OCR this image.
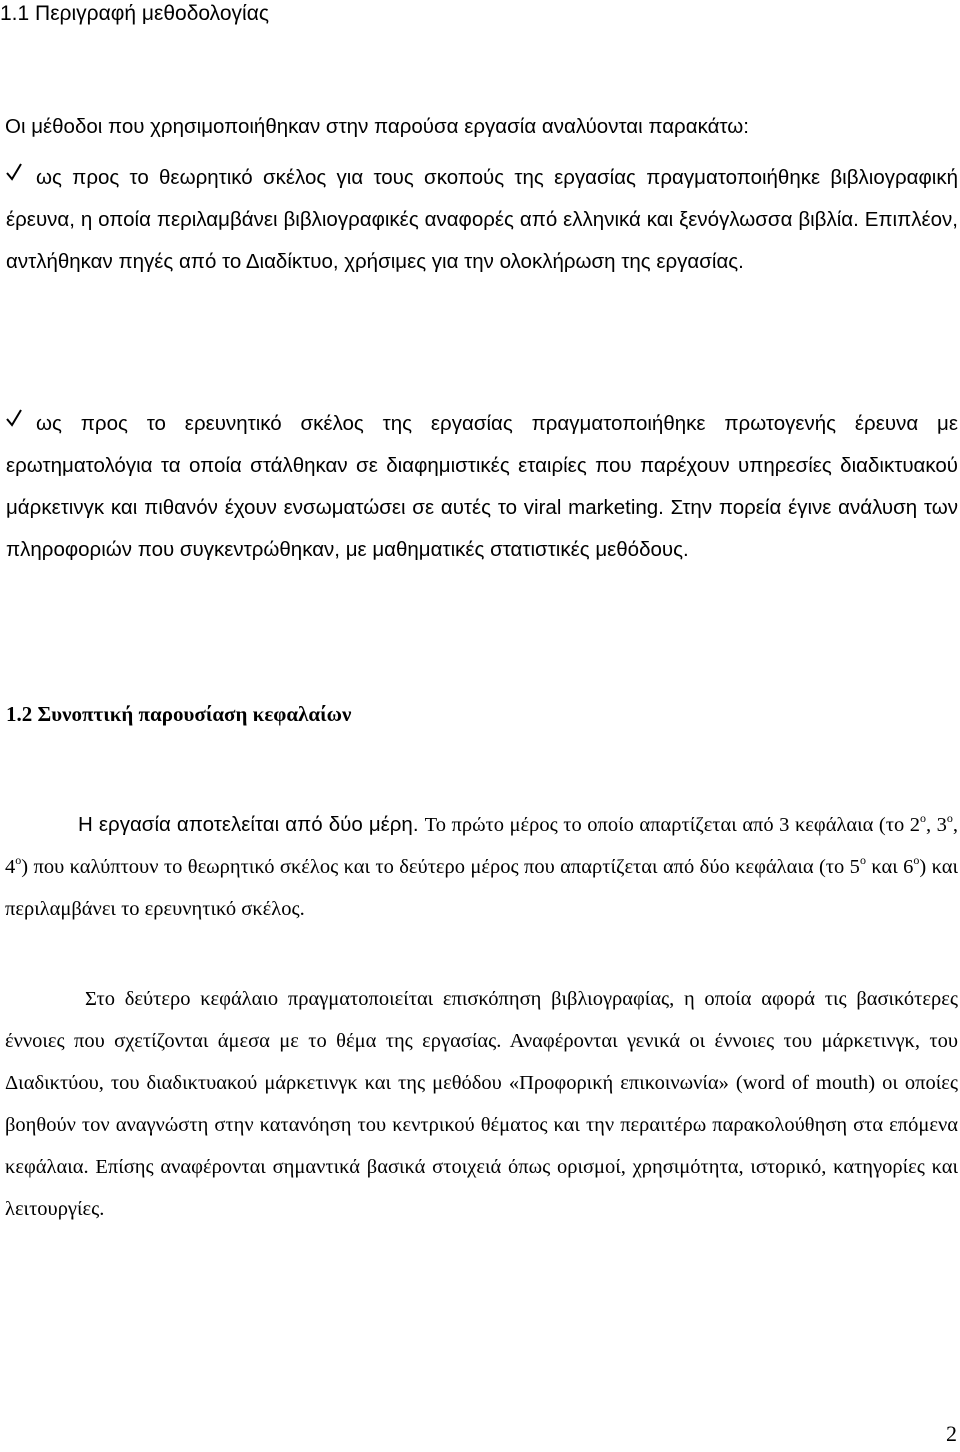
1.1 Περιγραφή μεθοδολογίας

Οι μέθοδοι που χρησιμοποιήθηκαν στην παρούσα εργασία αναλύονται παρακάτω:

ως προς το θεωρητικό σκέλος για τους σκοπούς της εργασίας πραγματοποιήθηκε βιβλιογραφική έρευνα, η οποία περιλαμβάνει βιβλιογραφικές αναφορές από ελληνικά και ξενόγλωσσα βιβλία. Επιπλέον, αντλήθηκαν πηγές από το Διαδίκτυο, χρήσιμες για την ολοκλήρωση της εργασίας.
ως προς το ερευνητικό σκέλος της εργασίας πραγματοποιήθηκε πρωτογενής έρευνα με ερωτηματολόγια τα οποία στάλθηκαν σε διαφημιστικές εταιρίες που παρέχουν υπηρεσίες διαδικτυακού μάρκετινγκ και πιθανόν έχουν ενσωματώσει σε αυτές το viral marketing. Στην πορεία έγινε ανάλυση των πληροφοριών που συγκεντρώθηκαν, με μαθηματικές στατιστικές μεθόδους.
1.2 Συνοπτική παρουσίαση κεφαλαίων

Η εργασία αποτελείται από δύο μέρη. Το πρώτο μέρος το οποίο απαρτίζεται από 3 κεφάλαια (το $2^o$, $3^o$, $4^o$) που καλύπτουν το θεωρητικό σκέλος και το δεύτερο μέρος που απαρτίζεται από δύο κεφάλαια (το $5^o$ και $6^o$) και περιλαμβάνει το ερευνητικό σκέλος.

Στο δεύτερο κεφάλαιο πραγματοποιείται επισκόπηση βιβλιογραφίας, η οποία αφορά τις βασικότερες έννοιες που σχετίζονται άμεσα με το θέμα της εργασίας. Αναφέρονται γενικά οι έννοιες του μάρκετινγκ, του Διαδικτύου, του διαδικτυακού μάρκετινγκ και της μεθόδου «Προφορική επικοινωνία» (word of mouth) οι οποίες βοηθούν τον αναγνώστη στην κατανόηση του κεντρικού θέματος και την περαιτέρω παρακολούθηση στα επόμενα κεφάλαια. Επίσης αναφέρονται σημαντικά βασικά στοιχειά όπως ορισμοί, χρησιμότητα, ιστορικό, κατηγορίες και λειτουργίες.

2
